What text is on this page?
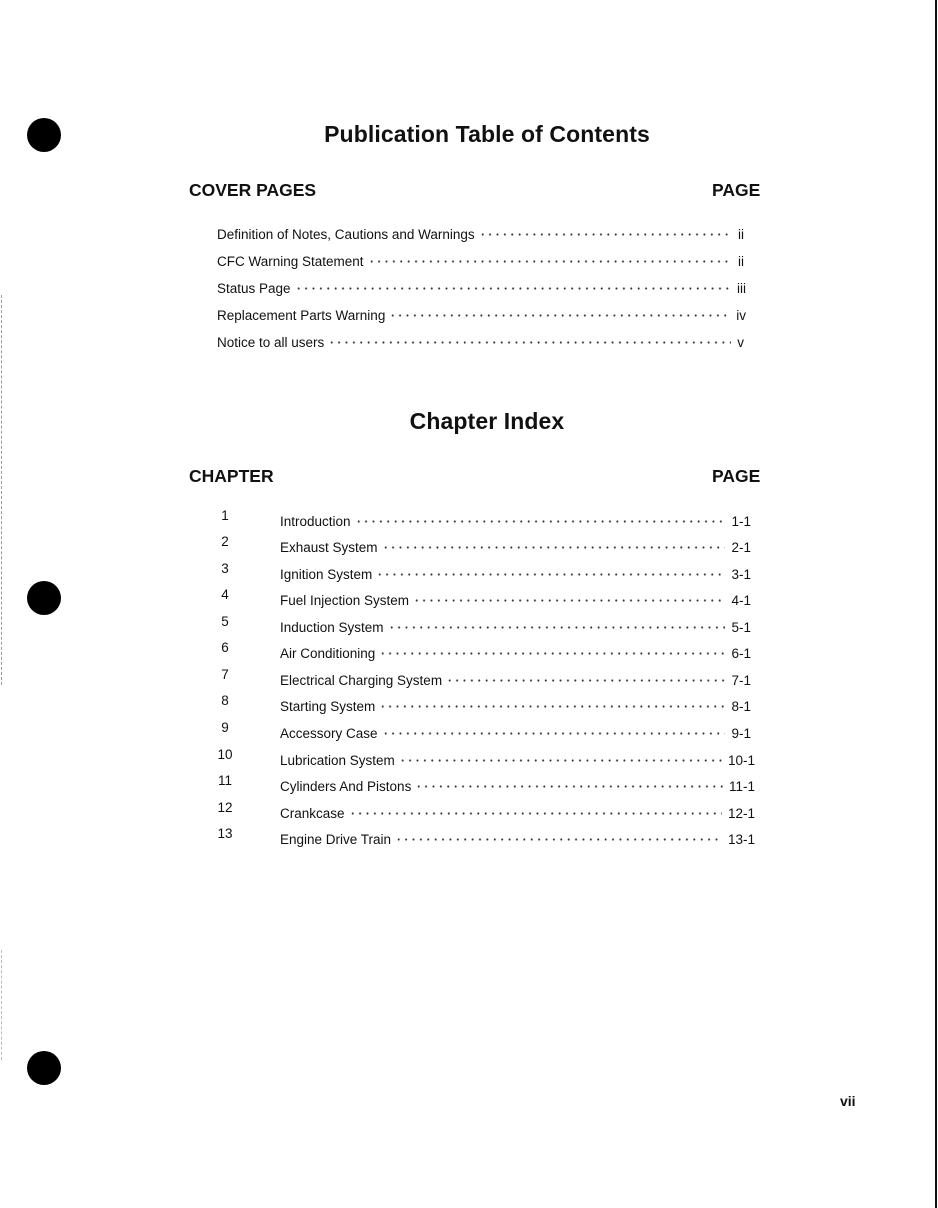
Publication Table of Contents
COVER PAGES	PAGE
Definition of Notes, Cautions and Warnings	ii
CFC Warning Statement	ii
Status Page	iii
Replacement Parts Warning	iv
Notice to all users	v
Chapter Index
CHAPTER	PAGE
1	Introduction	1-1
2	Exhaust System	2-1
3	Ignition System	3-1
4	Fuel Injection System	4-1
5	Induction System	5-1
6	Air Conditioning	6-1
7	Electrical Charging System	7-1
8	Starting System	8-1
9	Accessory Case	9-1
10	Lubrication System	10-1
11	Cylinders And Pistons	11-1
12	Crankcase	12-1
13	Engine Drive Train	13-1
vii
